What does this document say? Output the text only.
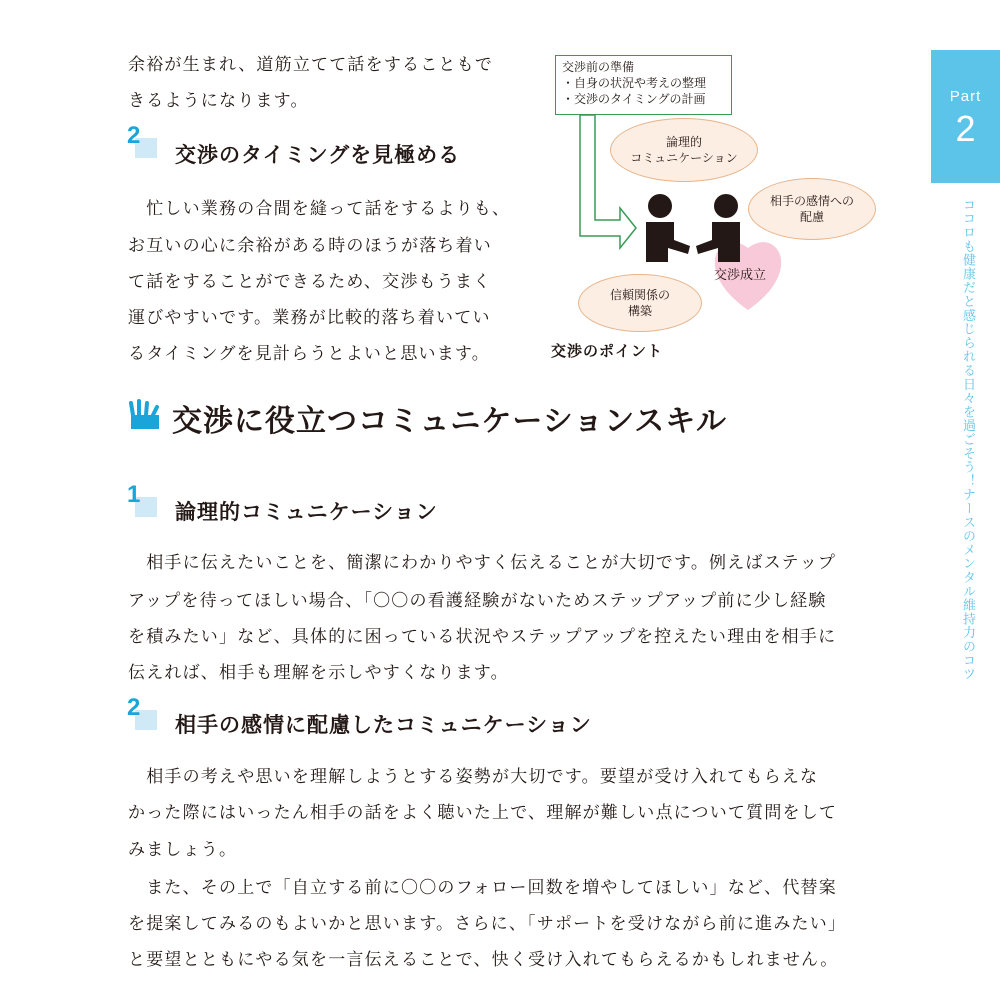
余裕が生まれ、道筋立てて話をすることもで
きるようになります。
2
交渉のタイミングを見極める
　忙しい業務の合間を縫って話をするよりも、
お互いの心に余裕がある時のほうが落ち着い
て話をすることができるため、交渉もうまく
運びやすいです。業務が比較的落ち着いてい
るタイミングを見計らうとよいと思います。
交渉前の準備
・自身の状況や考えの整理
・交渉のタイミングの計画
論理的
コミュニケーション
相手の感情への
配慮
信頼関係の
構築
交渉成立
交渉のポイント
交渉に役立つコミュニケーションスキル
1
論理的コミュニケーション
　相手に伝えたいことを、簡潔にわかりやすく伝えることが大切です。例えばステップ
アップを待ってほしい場合、「〇〇の看護経験がないためステップアップ前に少し経験
を積みたい」など、具体的に困っている状況やステップアップを控えたい理由を相手に
伝えれば、相手も理解を示しやすくなります。
2
相手の感情に配慮したコミュニケーション
　相手の考えや思いを理解しようとする姿勢が大切です。要望が受け入れてもらえな
かった際にはいったん相手の話をよく聴いた上で、理解が難しい点について質問をして
みましょう。
　また、その上で「自立する前に〇〇のフォロー回数を増やしてほしい」など、代替案
を提案してみるのもよいかと思います。さらに、「サポートを受けながら前に進みたい」
と要望とともにやる気を一言伝えることで、快く受け入れてもらえるかもしれません。
Part
2
ココロも健康だと感じられる日々を過ごそう！ナースのメンタル維持力のコツ
